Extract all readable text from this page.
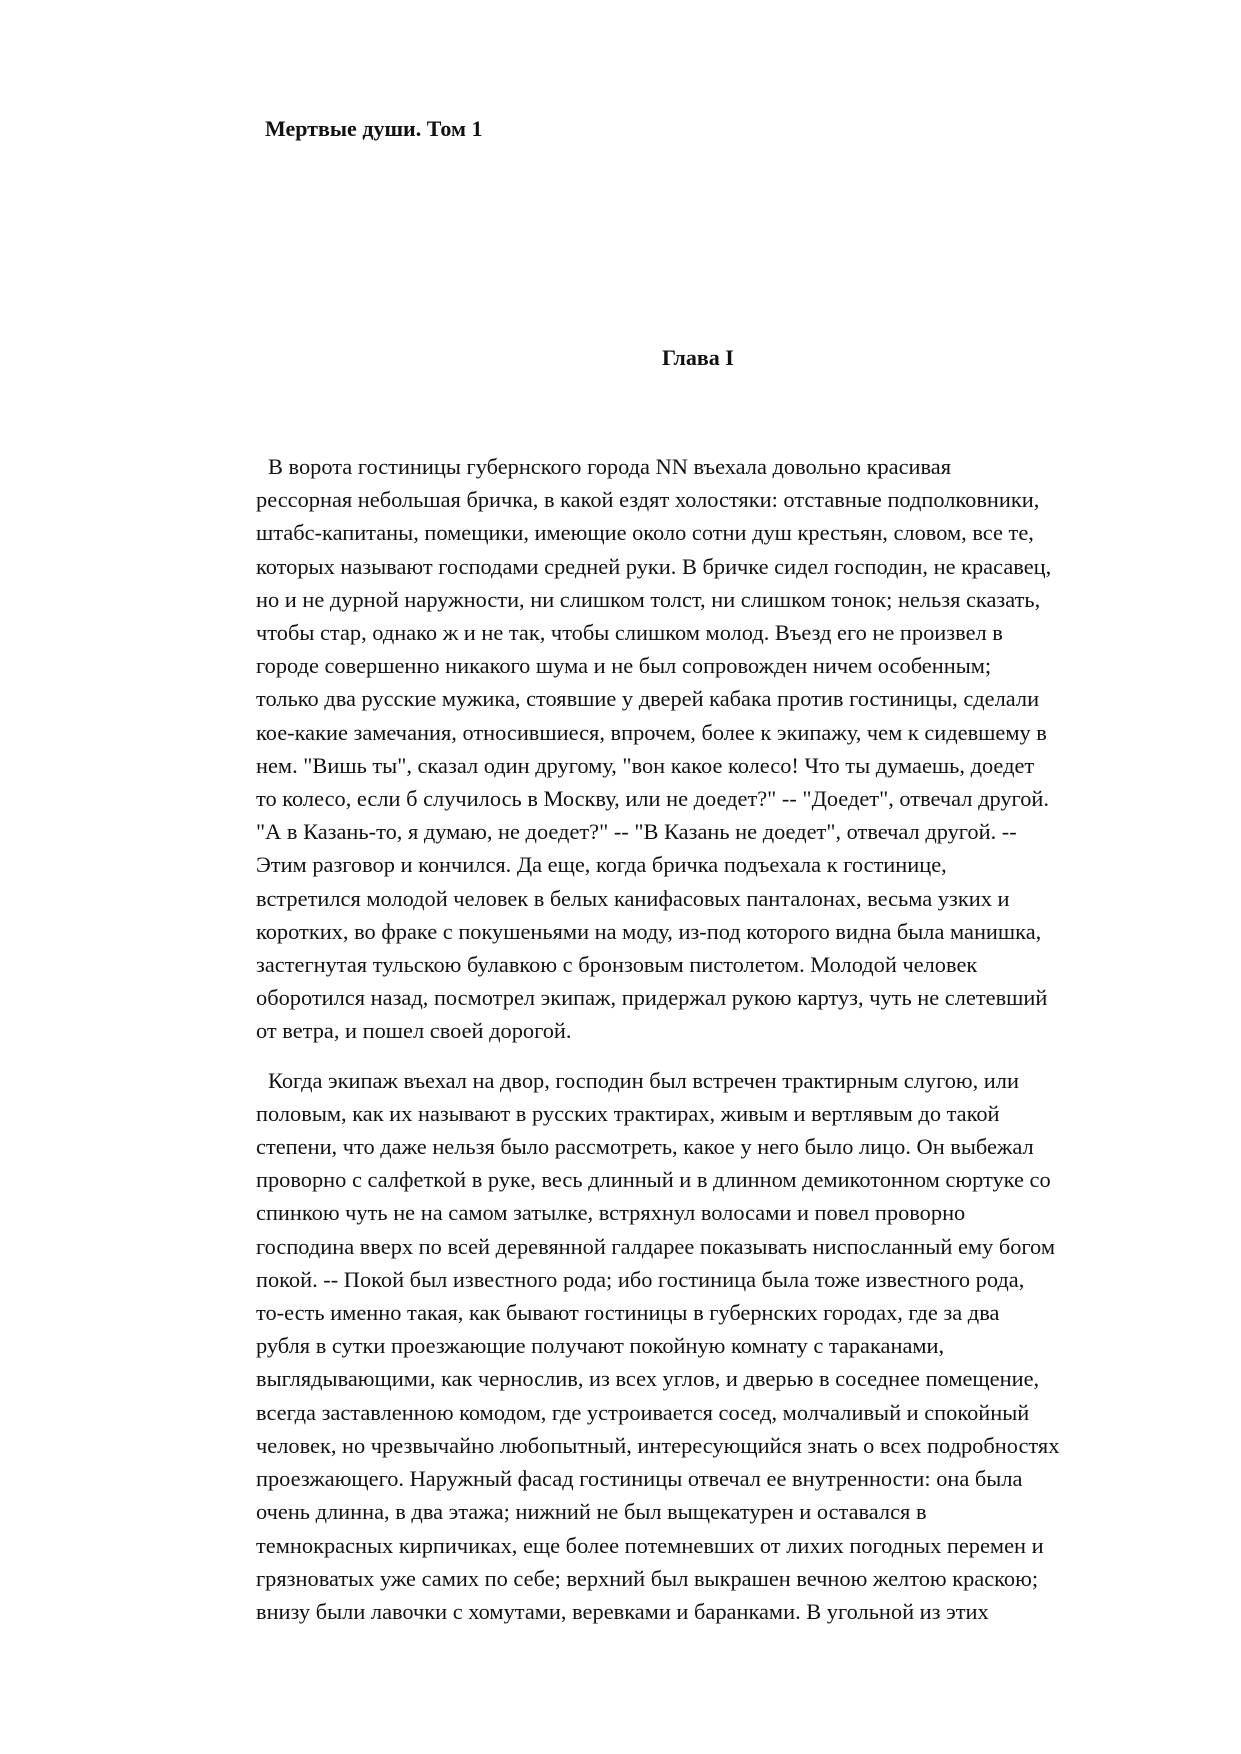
Мертвые души. Том 1
Глава I

В ворота гостиницы губернского города NN въехала довольно красивая
рессорная небольшая бричка, в какой ездят холостяки: отставные подполковники,
штабс-капитаны, помещики, имеющие около сотни душ крестьян, словом, все те,
которых называют господами средней руки. В бричке сидел господин, не красавец,
но и не дурной наружности, ни слишком толст, ни слишком тонок; нельзя сказать,
чтобы стар, однако ж и не так, чтобы слишком молод. Въезд его не произвел в
городе совершенно никакого шума и не был сопровожден ничем особенным;
только два русские мужика, стоявшие у дверей кабака против гостиницы, сделали
кое-какие замечания, относившиеся, впрочем, более к экипажу, чем к сидевшему в
нем. "Вишь ты", сказал один другому, "вон какое колесо! Что ты думаешь, доедет
то колесо, если б случилось в Москву, или не доедет?" -- "Доедет", отвечал другой.
"А в Казань-то, я думаю, не доедет?" -- "В Казань не доедет", отвечал другой. --
Этим разговор и кончился. Да еще, когда бричка подъехала к гостинице,
встретился молодой человек в белых канифасовых панталонах, весьма узких и
коротких, во фраке с покушеньями на моду, из-под которого видна была манишка,
застегнутая тульскою булавкою с бронзовым пистолетом. Молодой человек
оборотился назад, посмотрел экипаж, придержал рукою картуз, чуть не слетевший
от ветра, и пошел своей дорогой.

Когда экипаж въехал на двор, господин был встречен трактирным слугою, или
половым, как их называют в русских трактирах, живым и вертлявым до такой
степени, что даже нельзя было рассмотреть, какое у него было лицо. Он выбежал
проворно с салфеткой в руке, весь длинный и в длинном демикотонном сюртуке со
спинкою чуть не на самом затылке, встряхнул волосами и повел проворно
господина вверх по всей деревянной галдарее показывать ниспосланный ему богом
покой. -- Покой был известного рода; ибо гостиница была тоже известного рода,
то-есть именно такая, как бывают гостиницы в губернских городах, где за два
рубля в сутки проезжающие получают покойную комнату с тараканами,
выглядывающими, как чернослив, из всех углов, и дверью в соседнее помещение,
всегда заставленною комодом, где устроивается сосед, молчаливый и спокойный
человек, но чрезвычайно любопытный, интересующийся знать о всех подробностях
проезжающего. Наружный фасад гостиницы отвечал ее внутренности: она была
очень длинна, в два этажа; нижний не был выщекатурен и оставался в
темнокрасных кирпичиках, еще более потемневших от лихих погодных перемен и
грязноватых уже самих по себе; верхний был выкрашен вечною желтою краскою;
внизу были лавочки с хомутами, веревками и баранками. В угольной из этих
